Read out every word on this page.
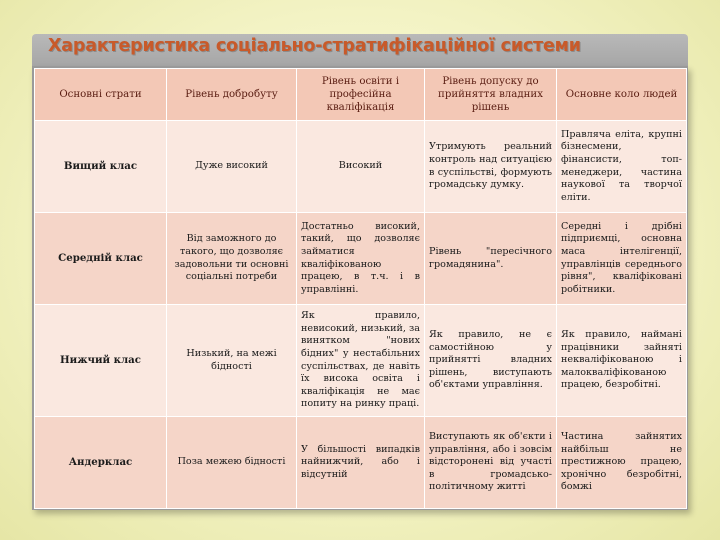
Характеристика соціально-стратифікаційної системи
Основні страти	Рівень добробуту	Рівень освіти і професійна кваліфікація	Рівень допуску до прийняття владних рішень	Основне коло людей
Вищий клас	Дуже високий	Високий	Утримують реальний контроль над ситуацією в суспільстві, формують громадську думку.	Правляча еліта, крупні бізнесмени, фінансисти, топ-менеджери, частина наукової та творчої еліти.
Середній клас	Від заможного до такого, що дозволяє задовольни ти основні соціальні потреби	Достатньо високий, такий, що дозволяє займатися кваліфікованою працею, в т.ч. і в управлінні.	Рівень "пересічного громадянина".	Середні і дрібні підприємці, основна маса інтелігенції, управлінців середнього рівня", кваліфіковані робітники.
Нижчий клас	Низький, на межі бідності	Як правило, невисокий, низький, за винятком "нових бідних" у нестабільних суспільствах, де навіть їх висока освіта і кваліфікація не має попиту на ринку праці.	Як правило, не є самостійною у прийнятті владних рішень, виступають об'єктами управління.	Як правило, наймані працівники зайняті некваліфікованою і малокваліфікованою працею, безробітні.
Андерклас	Поза межею бідності	У більшості випадків найнижчий, або і відсутній	Виступають як об'єкти і управління, або і зовсім відсторонені від участі в громадсько-політичному житті	Частина зайнятих найбільш не престижною працею, хронічно безробітні, бомжі
